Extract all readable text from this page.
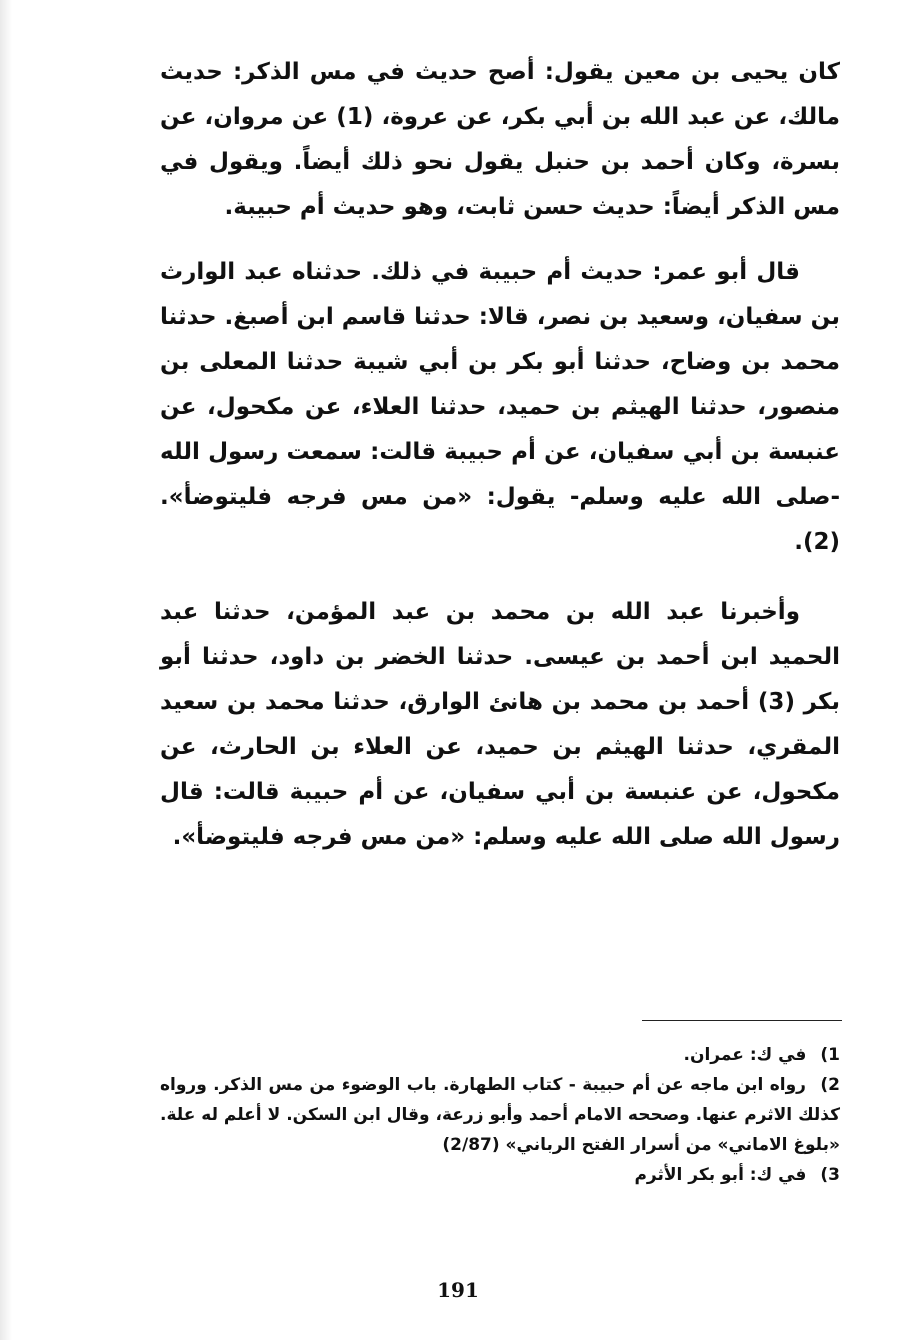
كان يحيى بن معين يقول: أصح حديث في مس الذكر: حديث مالك، عن عبد الله بن أبي بكر، عن عروة، (1) عن مروان، عن بسرة، وكان أحمد بن حنبل يقول نحو ذلك أيضاً. ويقول في مس الذكر أيضاً: حديث حسن ثابت، وهو حديث أم حبيبة.

قال أبو عمر: حديث أم حبيبة في ذلك. حدثناه عبد الوارث بن سفيان، وسعيد بن نصر، قالا: حدثنا قاسم ابن أصبغ. حدثنا محمد بن وضاح، حدثنا أبو بكر بن أبي شيبة حدثنا المعلى بن منصور، حدثنا الهيثم بن حميد، حدثنا العلاء، عن مكحول، عن عنبسة بن أبي سفيان، عن أم حبيبة قالت: سمعت رسول الله -صلى الله عليه وسلم- يقول: «من مس فرجه فليتوضأ». (2).

وأخبرنا عبد الله بن محمد بن عبد المؤمن، حدثنا عبد الحميد ابن أحمد بن عيسى. حدثنا الخضر بن داود، حدثنا أبو بكر (3) أحمد بن محمد بن هانئ الوارق، حدثنا محمد بن سعيد المقري، حدثنا الهيثم بن حميد، عن العلاء بن الحارث، عن مكحول، عن عنبسة بن أبي سفيان، عن أم حبيبة قالت: قال رسول الله صلى الله عليه وسلم: «من مس فرجه فليتوضأ».

1) في ك: عمران.

2) رواه ابن ماجه عن أم حبيبة - كتاب الطهارة. باب الوضوء من مس الذكر. ورواه كذلك الاثرم عنها. وصححه الامام أحمد وأبو زرعة، وقال ابن السكن. لا أعلم له علة. «بلوغ الاماني» من أسرار الفتح الرباني» (2/87)

3) في ك: أبو بكر الأثرم

191
